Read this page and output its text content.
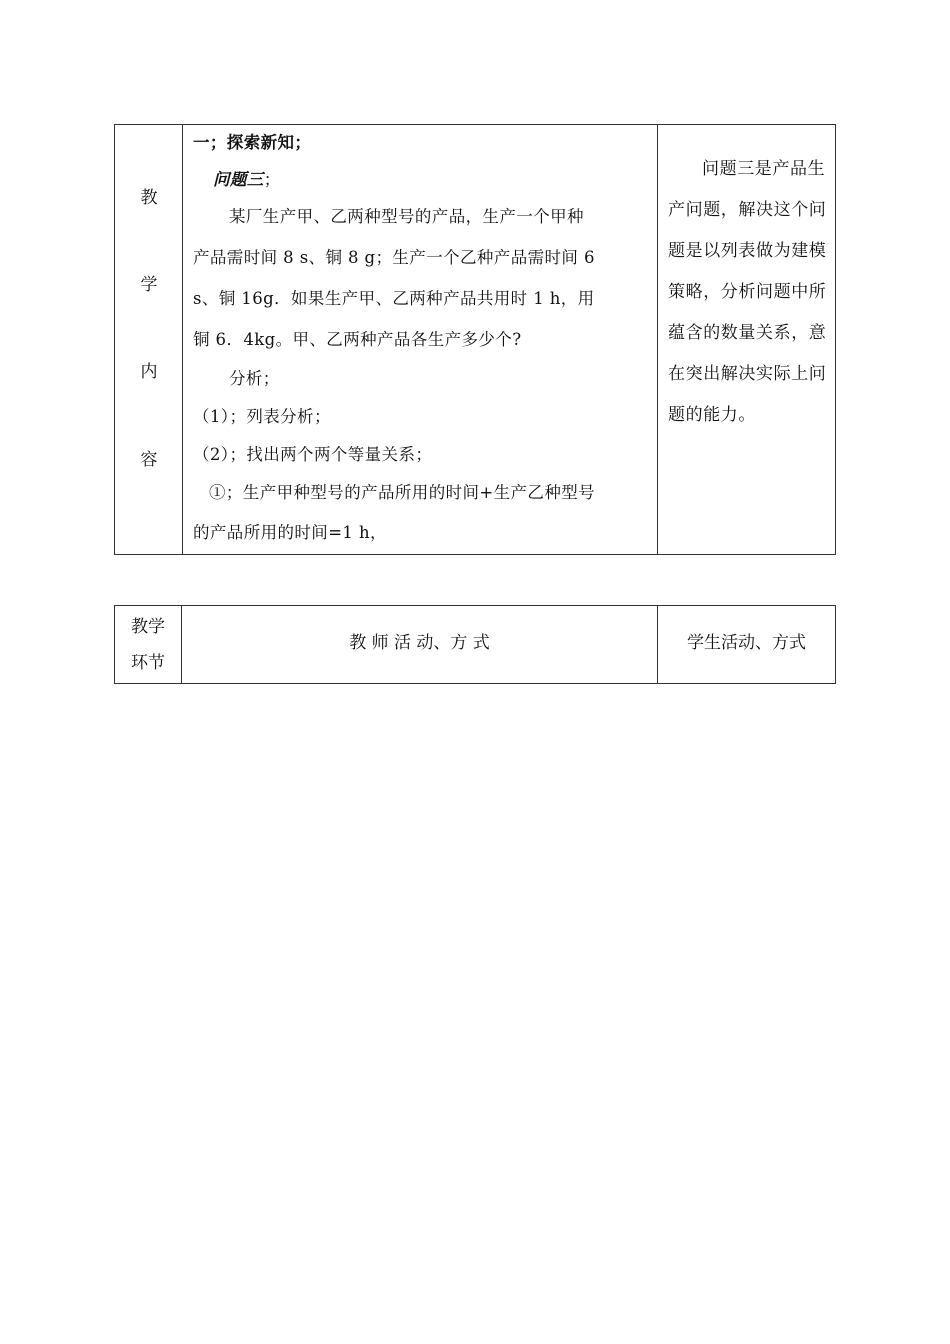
教
学
内
容
一；探索新知；
问题三；
某厂生产甲、乙两种型号的产品，生产一个甲种
产品需时间 8 s、铜 8 g；生产一个乙种产品需时间 6
s、铜 16g．如果生产甲、乙两种产品共用时 1 h，用
铜 6．4kg。甲、乙两种产品各生产多少个?
分析；
（1）；列表分析；
（2）；找出两个两个等量关系；
①；生产甲种型号的产品所用的时间+生产乙种型号
的产品所用的时间=1 h，
问题三是产品生产问题，解决这个问题是以列表做为建模策略，分析问题中所蕴含的数量关系，意在突出解决实际上问题的能力。
教学
环节
教 师 活 动、方 式	学生活动、方式
